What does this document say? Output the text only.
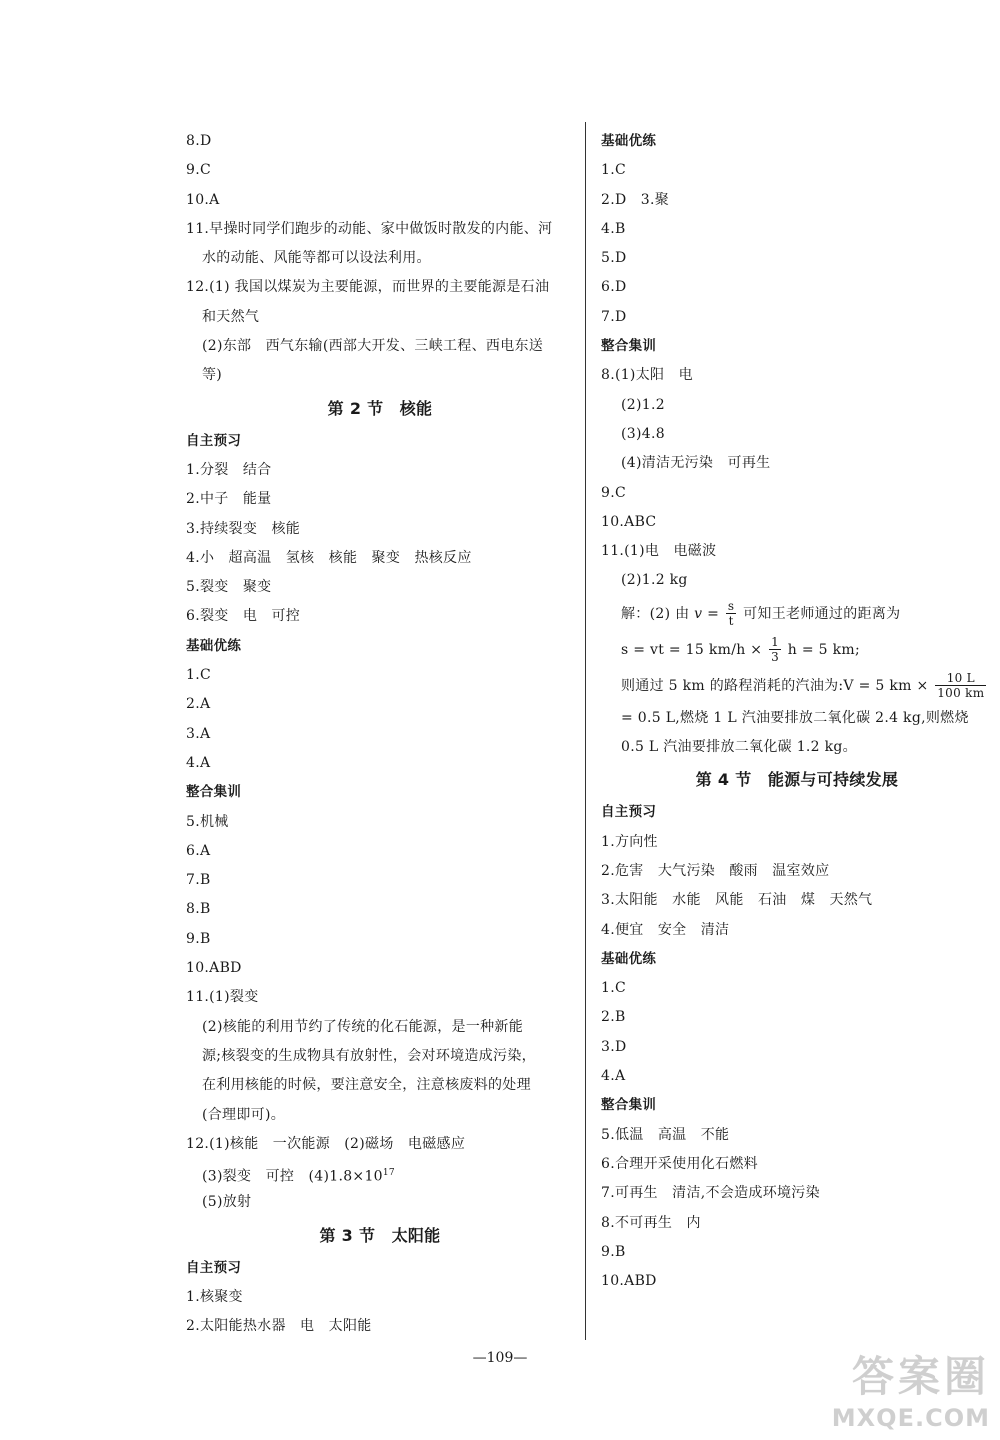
8.D
9.C
10.A
11.早操时同学们跑步的动能、家中做饭时散发的内能、河
水的动能、风能等都可以设法利用。
12.(1) 我国以煤炭为主要能源，而世界的主要能源是石油
和天然气
(2)东部　西气东输(西部大开发、三峡工程、西电东送
等)
第 2 节　核能
自主预习
1.分裂　结合
2.中子　能量
3.持续裂变　核能
4.小　超高温　氢核　核能　聚变　热核反应
5.裂变　聚变
6.裂变　电　可控
基础优练
1.C
2.A
3.A
4.A
整合集训
5.机械
6.A
7.B
8.B
9.B
10.ABD
11.(1)裂变
(2)核能的利用节约了传统的化石能源，是一种新能
源;核裂变的生成物具有放射性，会对环境造成污染，
在利用核能的时候，要注意安全，注意核废料的处理
(合理即可)。
12.(1)核能　一次能源　(2)磁场　电磁感应
(3)裂变　可控　$(4)1.8\times 10^{17}$
(5)放射
第 3 节　太阳能
自主预习
1.核聚变
2.太阳能热水器　电　太阳能
基础优练
1.C
2.D　3.聚
4.B
5.D
6.D
7.D
整合集训
8.(1)太阳　电
(2)1.2
(3)4.8
(4)清洁无污染　可再生
9.C
10.ABC
11.(1)电　电磁波
(2)1.2 kg
解：(2) 由 $v = \frac{s}{t}$ 可知王老师通过的距离为
s = vt = 15 $km/h \times \frac{1}{3}$ h = 5 km;
则通过 5 km 的路程消耗的汽油为:V = 5 km × $\frac{10 L}{100 km}$
= 0.5 L,燃烧 1 L 汽油要排放二氧化碳 2.4 kg,则燃烧
0.5 L 汽油要排放二氧化碳 1.2 kg。
第 4 节　能源与可持续发展
自主预习
1.方向性
2.危害　大气污染　酸雨　温室效应
3.太阳能　水能　风能　石油　煤　天然气
4.便宜　安全　清洁
基础优练
1.C
2.B
3.D
4.A
整合集训
5.低温　高温　不能
6.合理开采使用化石燃料
7.可再生　清洁,不会造成环境污染
8.不可再生　内
9.B
10.ABD
—109—	答案圈
MXQE.COM
